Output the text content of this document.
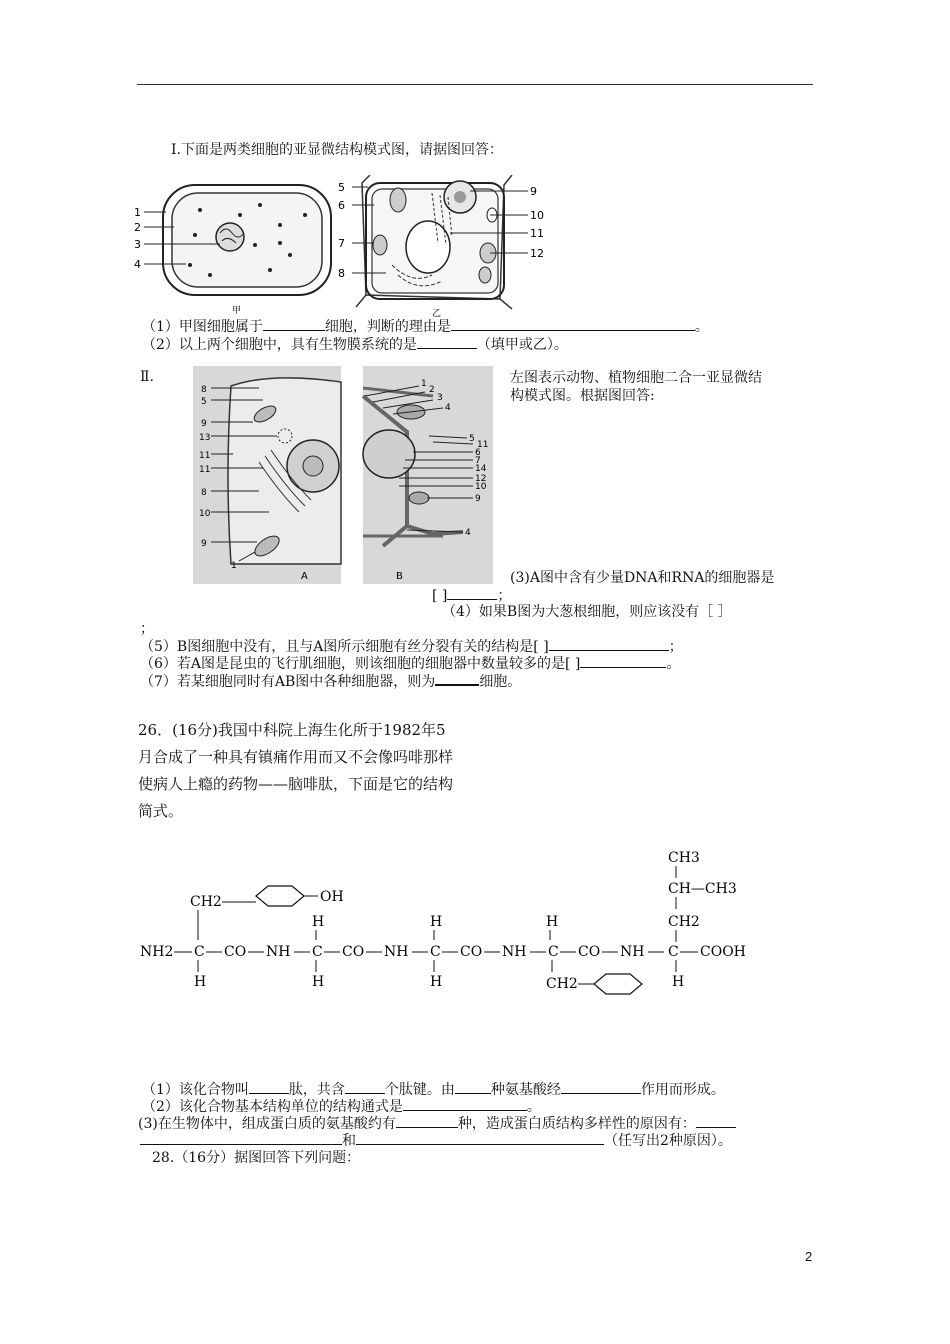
Ⅰ.下面是两类细胞的亚显微结构模式图，请据图回答：
1
2
3
4
甲
5
6
7
8
9
10
11
12
乙
（1）甲图细胞属于	细胞，判断的理由是	。
（2）以上两个细胞中，具有生物膜系统的是	（填甲或乙）。
Ⅱ.
8
5
9
13
11
11
8
10
9
1
A
1
2
3
4
5
11
6
7
14
12
10
9
4
B
左图表示动物、植物细胞二合一亚显微结
构模式图。根据图回答:
(3)A图中含有少量DNA和RNA的细胞器是
[ ]	；
（4）如果B图为大葱根细胞，则应该没有［ ］
；
（5）B图细胞中没有，且与A图所示细胞有丝分裂有关的结构是[ ]	；
（6）若A图是昆虫的飞行肌细胞，则该细胞的细胞器中数量较多的是[ ]	。
（7）若某细胞同时有AB图中各种细胞器，则为	细胞。
26．(16分)我国中科院上海生化所于1982年5
月合成了一种具有镇痛作用而又不会像吗啡那样
使病人上瘾的药物——脑啡肽，下面是它的结构
简式。
CH3
CH—CH3
CH2
CH2	OH
H	H	H
NH2 C CO NH C CO NH C CO NH C CO NH C COOH
H	H	H	H
CH2
（1）该化合物叫	肽，共含	个肽键。由	种氨基酸经	作用而形成。
（2）该化合物基本结构单位的结构通式是	。
(3)在生物体中，组成蛋白质的氨基酸约有	种，造成蛋白质结构多样性的原因有：
和	（任写出2种原因）。
28.（16分）据图回答下列问题：
2
